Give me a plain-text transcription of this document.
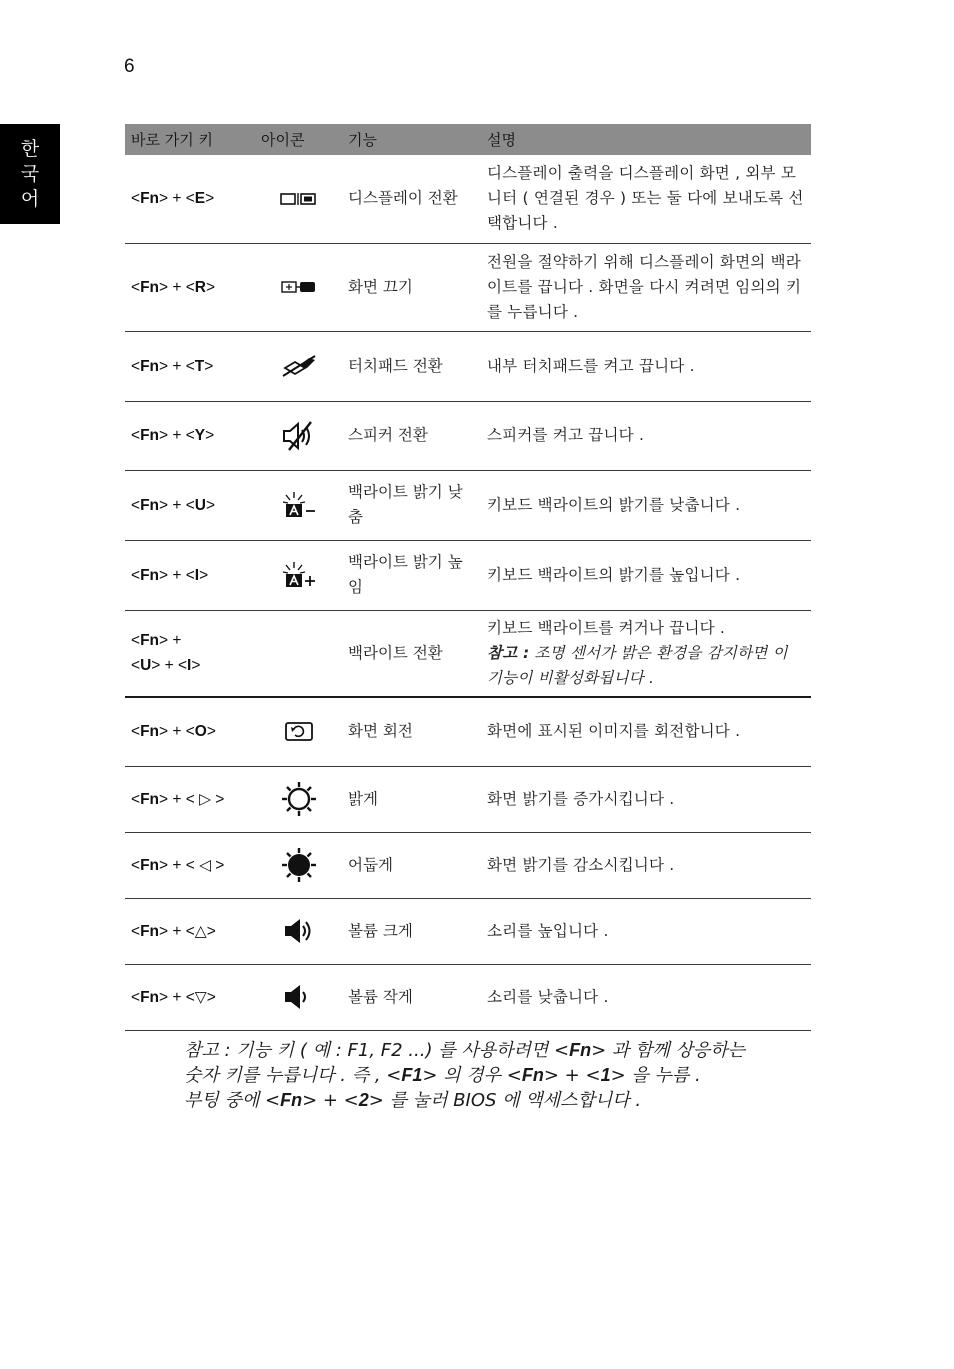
6
한
국
어
바로 가기 키	아이콘	기능	설명
<Fn> + <E>		디스플레이 전환	디스플레이 출력을 디스플레이 화면 , 외부 모니터 ( 연결된 경우 ) 또는 둘 다에 보내도록 선택합니다 .
<Fn> + <R>		화면 끄기	전원을 절약하기 위해 디스플레이 화면의 백라이트를 끕니다 . 화면을 다시 켜려면 임의의 키를 누릅니다 .
<Fn> + <T>		터치패드 전환	내부 터치패드를 켜고 끕니다 .
<Fn> + <Y>		스피커 전환	스피커를 켜고 끕니다 .
<Fn> + <U>		백라이트 밝기 낮춤	키보드 백라이트의 밝기를 낮춥니다 .
<Fn> + <I>		백라이트 밝기 높임	키보드 백라이트의 밝기를 높입니다 .
<Fn> +
<U> + <I>		백라이트 전환	키보드 백라이트를 켜거나 끕니다 .
참고 : 조명 센서가 밝은 환경을 감지하면 이 기능이 비활성화됩니다 .
<Fn> + <O>		화면 회전	화면에 표시된 이미지를 회전합니다 .
<Fn> + < ▷ >		밝게	화면 밝기를 증가시킵니다 .
<Fn> + < ◁ >		어둡게	화면 밝기를 감소시킵니다 .
<Fn> + <△>		볼륨 크게	소리를 높입니다 .
<Fn> + <▽>		볼륨 작게	소리를 낮춥니다 .
참고 : 기능 키 ( 예 : F1, F2 ...) 를 사용하려면 <Fn> 과 함께 상응하는
숫자 키를 누릅니다 . 즉 , <F1> 의 경우 <Fn> + <1> 을 누름 .
부팅 중에 <Fn> + <2> 를 눌러 BIOS 에 액세스합니다 .
